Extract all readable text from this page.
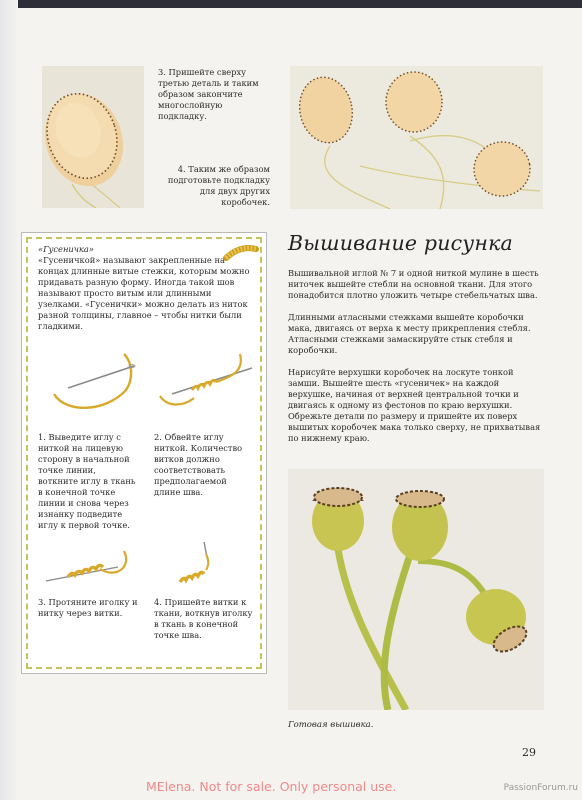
3. Пришейте сверху третью деталь и таким образом закончите многослойную подкладку.
4. Таким же образом подготовьте подкладку для двух других коробочек.
«Гусеничка»
«Гусеничкой» называют закрепленные на концах длинные витые стежки, которым можно придавать разную форму. Иногда такой шов называют просто витым или длинными узелками. «Гусенички» можно делать из ниток разной толщины, главное – чтобы нитки были гладкими.
1. Выведите иглу с ниткой на лицевую сторону в начальной точке линии, воткните иглу в ткань в конечной точке линии и снова через изнанку подведите иглу к первой точке.
2. Обвейте иглу ниткой. Количество витков должно соответствовать предполагаемой длине шва.
3. Протяните иголку и нитку через витки.
4. Пришейте витки к ткани, воткнув иголку в ткань в конечной точке шва.
Вышивание рисунка
Вышивальной иглой № 7 и одной ниткой мулине в шесть ниточек вышейте стебли на основной ткани. Для этого понадобится плотно уложить четыре стебельчатых шва.
Длинными атласными стежками вышейте коробочки мака, двигаясь от верха к месту прикрепления стебля. Атласными стежками замаскируйте стык стебля и коробочки.
Нарисуйте верхушки коробочек на лоскуте тонкой замши. Вышейте шесть «гусеничек» на каждой верхушке, начиная от верхней центральной точки и двигаясь к одному из фестонов по краю верхушки. Обрежьте детали по размеру и пришейте их поверх вышитых коробочек мака только сверху, не прихватывая по нижнему краю.
Готовая вышивка.
29
MElena. Not for sale. Only personal use.	PassionForum.ru
